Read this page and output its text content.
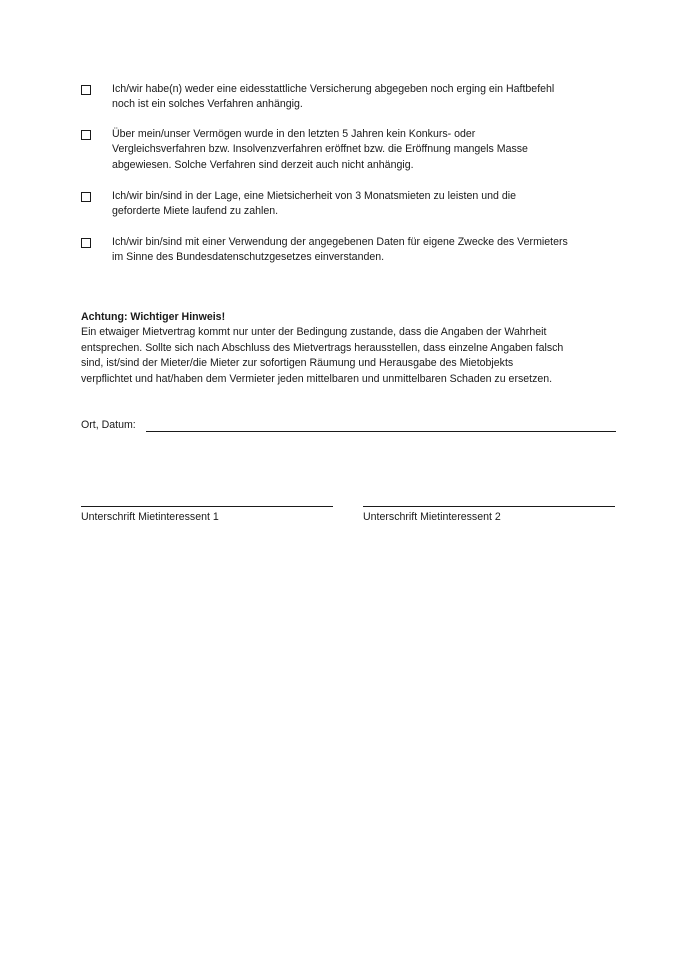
Ich/wir habe(n) weder eine eidesstattliche Versicherung abgegeben noch erging ein Haftbefehl
noch ist ein solches Verfahren anhängig.
Über mein/unser Vermögen wurde in den letzten 5 Jahren kein Konkurs- oder
Vergleichsverfahren bzw. Insolvenzverfahren eröffnet bzw. die Eröffnung mangels Masse
abgewiesen. Solche Verfahren sind derzeit auch nicht anhängig.
Ich/wir bin/sind in der Lage, eine Mietsicherheit von 3 Monatsmieten zu leisten und die
geforderte Miete laufend zu zahlen.
Ich/wir bin/sind mit einer Verwendung der angegebenen Daten für eigene Zwecke des Vermieters
im Sinne des Bundesdatenschutzgesetzes einverstanden.
Achtung: Wichtiger Hinweis!
Ein etwaiger Mietvertrag kommt nur unter der Bedingung zustande, dass die Angaben der Wahrheit
entsprechen. Sollte sich nach Abschluss des Mietvertrags herausstellen, dass einzelne Angaben falsch
sind, ist/sind der Mieter/die Mieter zur sofortigen Räumung und Herausgabe des Mietobjekts
verpflichtet und hat/haben dem Vermieter jeden mittelbaren und unmittelbaren Schaden zu ersetzen.
Ort, Datum:
Unterschrift Mietinteressent 1	Unterschrift Mietinteressent 2
